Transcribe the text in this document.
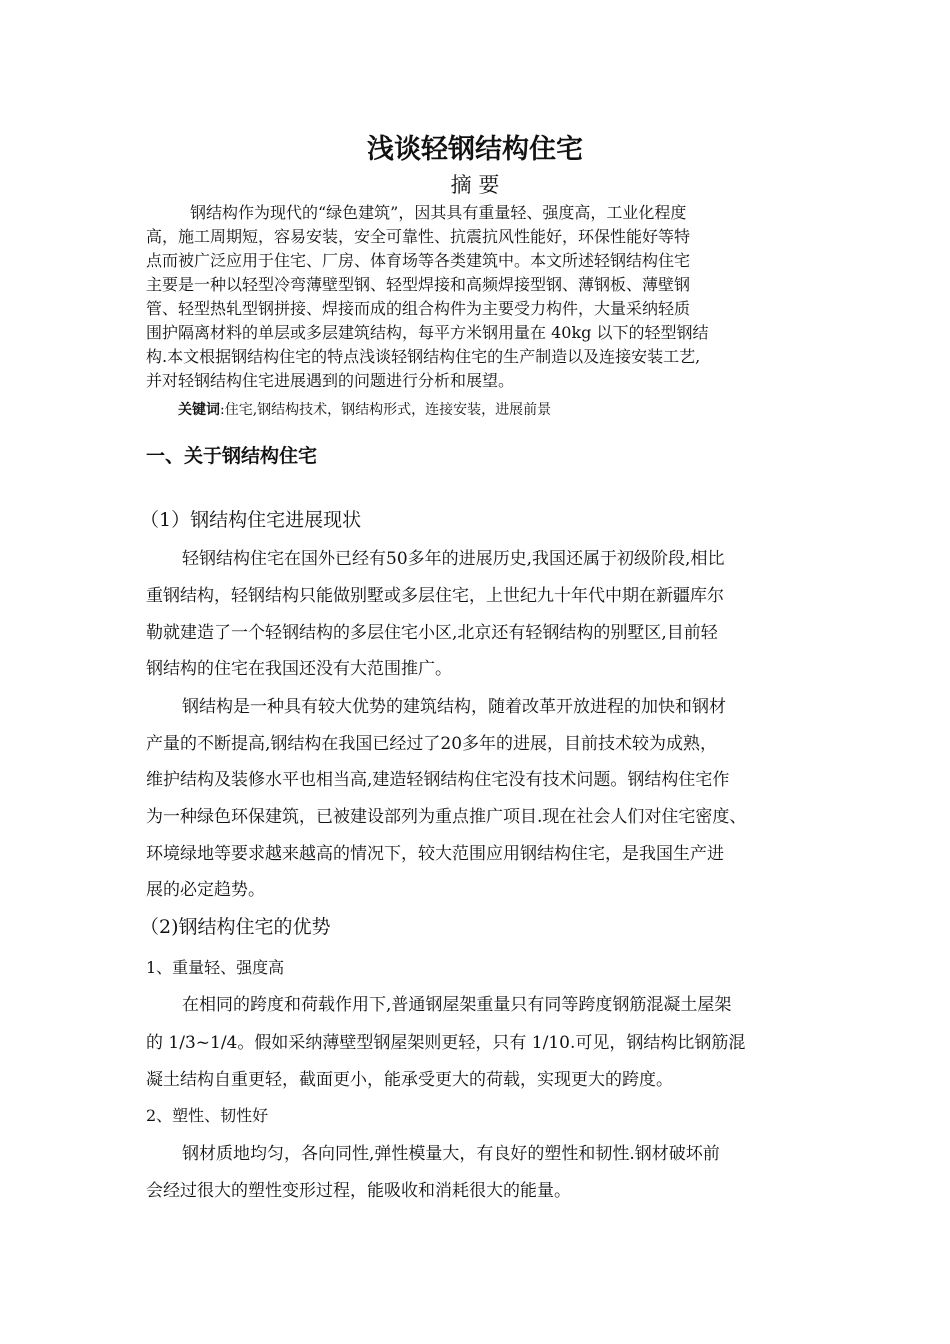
浅谈轻钢结构住宅
摘 要
钢结构作为现代的“绿色建筑”，因其具有重量轻、强度高，工业化程度
高，施工周期短，容易安装，安全可靠性、抗震抗风性能好，环保性能好等特
点而被广泛应用于住宅、厂房、体育场等各类建筑中。本文所述轻钢结构住宅
主要是一种以轻型冷弯薄壁型钢、轻型焊接和高频焊接型钢、薄钢板、薄壁钢
管、轻型热轧型钢拼接、焊接而成的组合构件为主要受力构件，大量采纳轻质
围护隔离材料的单层或多层建筑结构，每平方米钢用量在 40kg 以下的轻型钢结
构.本文根据钢结构住宅的特点浅谈轻钢结构住宅的生产制造以及连接安装工艺,
并对轻钢结构住宅进展遇到的问题进行分析和展望。
关键词:住宅,钢结构技术，钢结构形式，连接安装，进展前景
一、关于钢结构住宅
（1）钢结构住宅进展现状
轻钢结构住宅在国外已经有50多年的进展历史,我国还属于初级阶段,相比
重钢结构，轻钢结构只能做别墅或多层住宅，上世纪九十年代中期在新疆库尔
勒就建造了一个轻钢结构的多层住宅小区,北京还有轻钢结构的别墅区,目前轻
钢结构的住宅在我国还没有大范围推广。
钢结构是一种具有较大优势的建筑结构，随着改革开放进程的加快和钢材
产量的不断提高,钢结构在我国已经过了20多年的进展，目前技术较为成熟，
维护结构及装修水平也相当高,建造轻钢结构住宅没有技术问题。钢结构住宅作
为一种绿色环保建筑，已被建设部列为重点推广项目.现在社会人们对住宅密度、
环境绿地等要求越来越高的情况下，较大范围应用钢结构住宅，是我国生产进
展的必定趋势。
（2)钢结构住宅的优势
1、重量轻、强度高
在相同的跨度和荷载作用下,普通钢屋架重量只有同等跨度钢筋混凝土屋架
的 1/3~1/4。假如采纳薄壁型钢屋架则更轻，只有 1/10.可见，钢结构比钢筋混
凝土结构自重更轻，截面更小，能承受更大的荷载，实现更大的跨度。
2、塑性、韧性好
钢材质地均匀，各向同性,弹性模量大，有良好的塑性和韧性.钢材破坏前
会经过很大的塑性变形过程，能吸收和消耗很大的能量。
